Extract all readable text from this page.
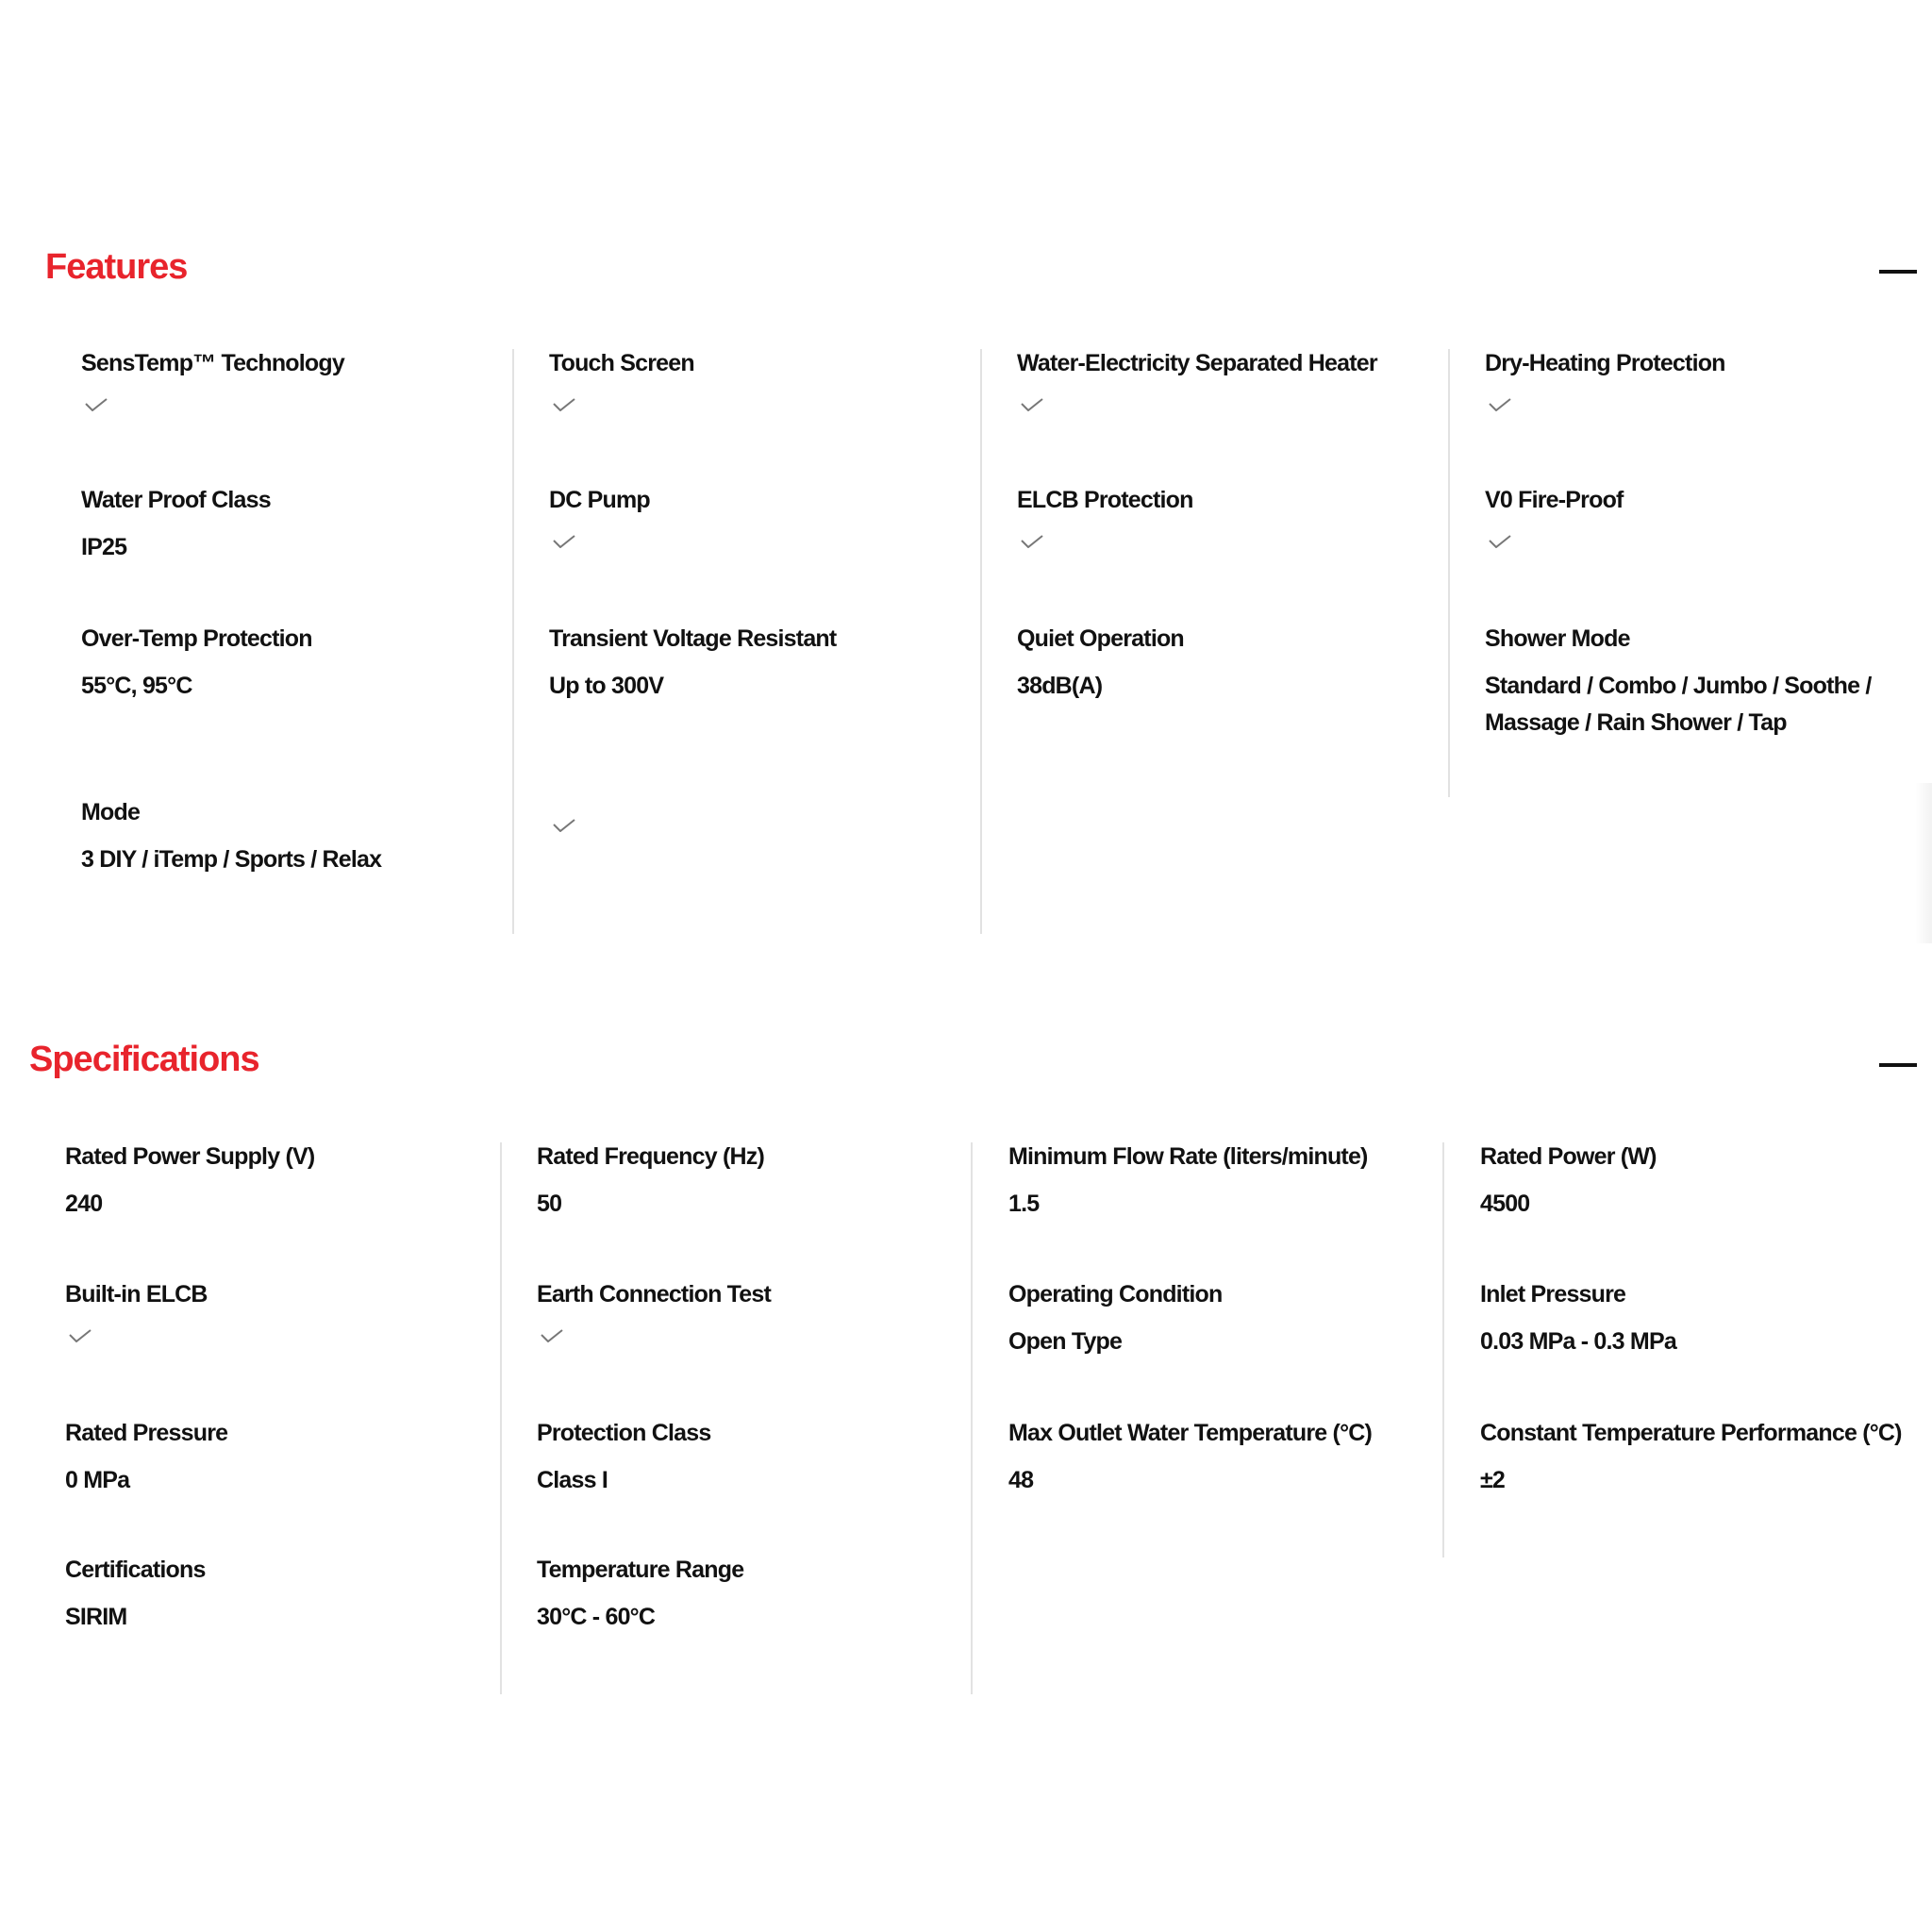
Features
SensTemp™ Technology
Water Proof Class
IP25
Over-Temp Protection
55°C, 95°C
Mode
3 DIY / iTemp / Sports / Relax
Touch Screen
DC Pump
Transient Voltage Resistant
Up to 300V
Water-Electricity Separated Heater
ELCB Protection
Quiet Operation
38dB(A)
Dry-Heating Protection
V0 Fire-Proof
Shower Mode
Standard / Combo / Jumbo / Soothe / Massage / Rain Shower / Tap
Specifications
Rated Power Supply (V)
240
Built-in ELCB
Rated Pressure
0 MPa
Certifications
SIRIM
Rated Frequency (Hz)
50
Earth Connection Test
Protection Class
Class I
Temperature Range
30°C - 60°C
Minimum Flow Rate (liters/minute)
1.5
Operating Condition
Open Type
Max Outlet Water Temperature (°C)
48
Rated Power (W)
4500
Inlet Pressure
0.03 MPa - 0.3 MPa
Constant Temperature Performance (°C)
±2
